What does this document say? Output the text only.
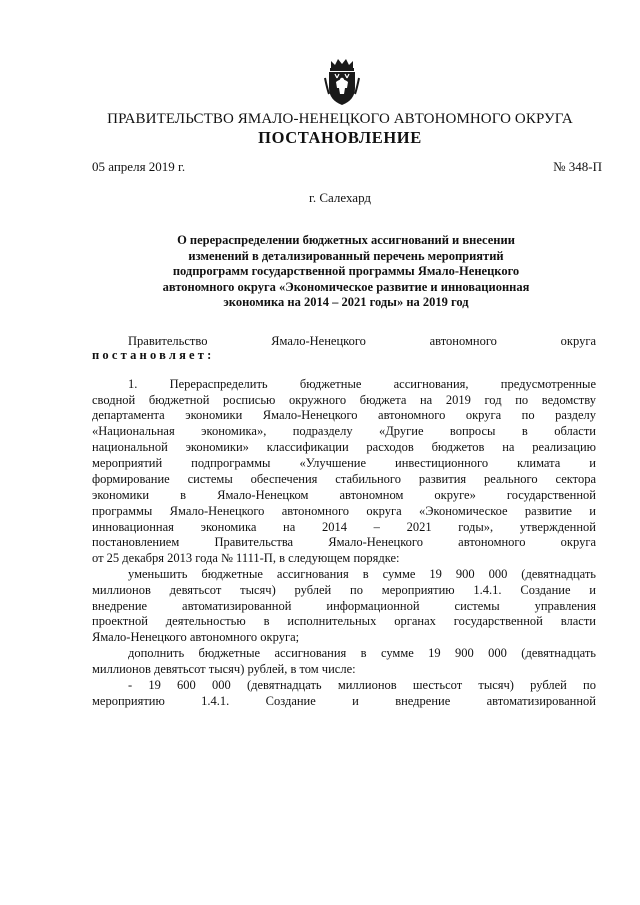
ПРАВИТЕЛЬСТВО ЯМАЛО-НЕНЕЦКОГО АВТОНОМНОГО ОКРУГА
ПОСТАНОВЛЕНИЕ
05 апреля 2019 г.	№ 348-П
г. Салехард
О перераспределении бюджетных ассигнований и внесении
изменений в детализированный перечень мероприятий
подпрограмм государственной программы Ямало-Ненецкого
автономного округа «Экономическое развитие и инновационная
экономика на 2014 – 2021 годы» на 2019 год
Правительство	Ямало-Ненецкого	автономного	округа
постановляет:
1. Перераспределить бюджетные ассигнования, предусмотренные
сводной бюджетной росписью окружного бюджета на 2019 год по ведомству
департамента экономики Ямало-Ненецкого автономного округа по разделу
«Национальная экономика», подразделу «Другие вопросы в области
национальной экономики» классификации расходов бюджетов на реализацию
мероприятий подпрограммы «Улучшение инвестиционного климата и
формирование системы обеспечения стабильного развития реального сектора
экономики в Ямало-Ненецком автономном округе» государственной
программы Ямало-Ненецкого автономного округа «Экономическое развитие и
инновационная экономика на 2014 – 2021 годы», утвержденной
постановлением Правительства Ямало-Ненецкого автономного округа
от 25 декабря 2013 года № 1111-П, в следующем порядке:
уменьшить бюджетные ассигнования в сумме 19 900 000 (девятнадцать
миллионов девятьсот тысяч) рублей по мероприятию 1.4.1. Создание и
внедрение автоматизированной информационной системы управления
проектной деятельностью в исполнительных органах государственной власти
Ямало-Ненецкого автономного округа;
дополнить бюджетные ассигнования в сумме 19 900 000 (девятнадцать
миллионов девятьсот тысяч) рублей, в том числе:
- 19 600 000 (девятнадцать миллионов шестьсот тысяч) рублей по
мероприятию 1.4.1. Создание и внедрение автоматизированной
